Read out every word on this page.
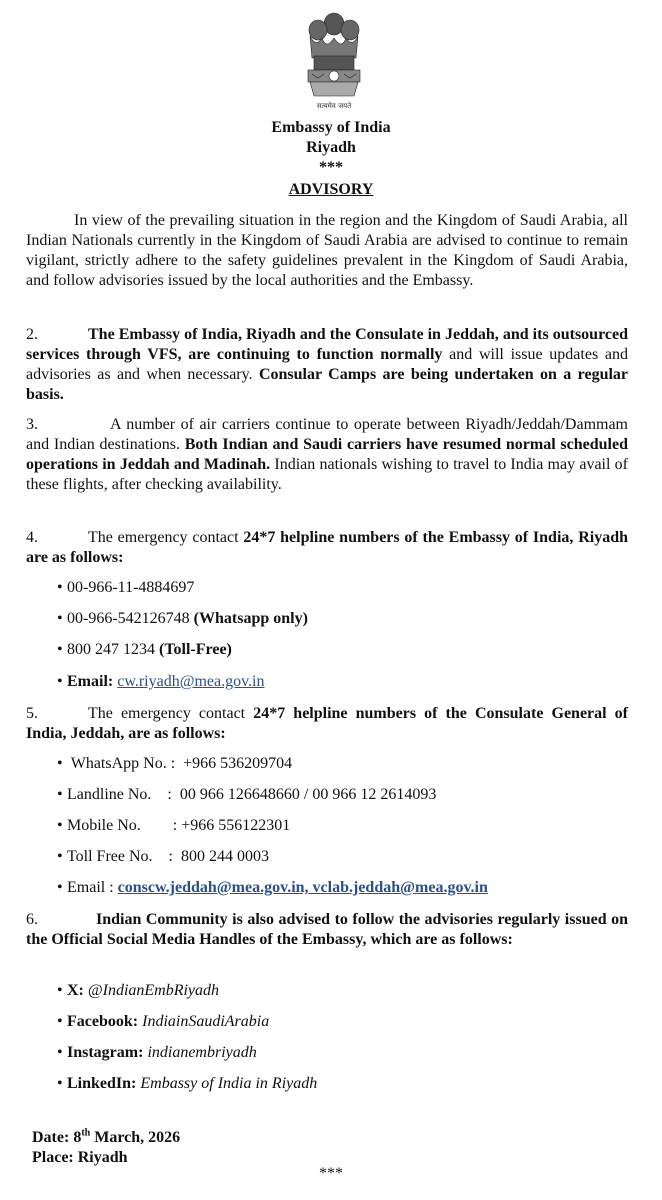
सत्यमेव जयते
Embassy of India
Riyadh
***
ADVISORY
In view of the prevailing situation in the region and the Kingdom of Saudi Arabia, all Indian Nationals currently in the Kingdom of Saudi Arabia are advised to continue to remain vigilant, strictly adhere to the safety guidelines prevalent in the Kingdom of Saudi Arabia, and follow advisories issued by the local authorities and the Embassy.
2.	The Embassy of India, Riyadh and the Consulate in Jeddah, and its outsourced services through VFS, are continuing to function normally and will issue updates and advisories as and when necessary. Consular Camps are being undertaken on a regular basis.
3.	A number of air carriers continue to operate between Riyadh/Jeddah/Dammam and Indian destinations. Both Indian and Saudi carriers have resumed normal scheduled operations in Jeddah and Madinah. Indian nationals wishing to travel to India may avail of these flights, after checking availability.
4.	The emergency contact 24*7 helpline numbers of the Embassy of India, Riyadh are as follows:
• 00-966-11-4884697
• 00-966-542126748 (Whatsapp only)
• 800 247 1234 (Toll-Free)
• Email: cw.riyadh@mea.gov.in
5.	The emergency contact 24*7 helpline numbers of the Consulate General of India, Jeddah, are as follows:
• WhatsApp No. :  +966 536209704
• Landline No.    :  00 966 126648660 / 00 966 12 2614093
• Mobile No.        : +966 556122301
• Toll Free No.    :  800 244 0003
• Email : conscw.jeddah@mea.gov.in, vclab.jeddah@mea.gov.in
6.	Indian Community is also advised to follow the advisories regularly issued on the Official Social Media Handles of the Embassy, which are as follows:
• X: @IndianEmbRiyadh
• Facebook: IndiainSaudiArabia
• Instagram: indianembriyadh
• LinkedIn: Embassy of India in Riyadh
Date: 8th March, 2026
Place: Riyadh
***
